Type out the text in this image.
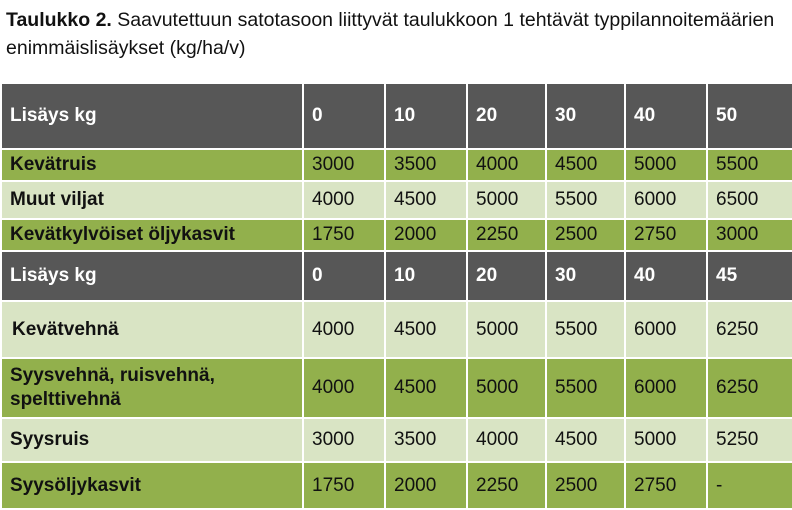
Taulukko 2. Saavutettuun satotasoon liittyvät taulukkoon 1 tehtävät typpilannoitemäärien enimmäislisäykset (kg/ha/v)
Lisäys kg	0	10	20	30	40	50
Kevätruis	3000	3500	4000	4500	5000	5500
Muut viljat	4000	4500	5000	5500	6000	6500
Kevätkylvöiset öljykasvit	1750	2000	2250	2500	2750	3000
Lisäys kg	0	10	20	30	40	45
Kevätvehnä	4000	4500	5000	5500	6000	6250
Syysvehnä, ruisvehnä, spelttivehnä	4000	4500	5000	5500	6000	6250
Syysruis	3000	3500	4000	4500	5000	5250
Syysöljykasvit	1750	2000	2250	2500	2750	-
